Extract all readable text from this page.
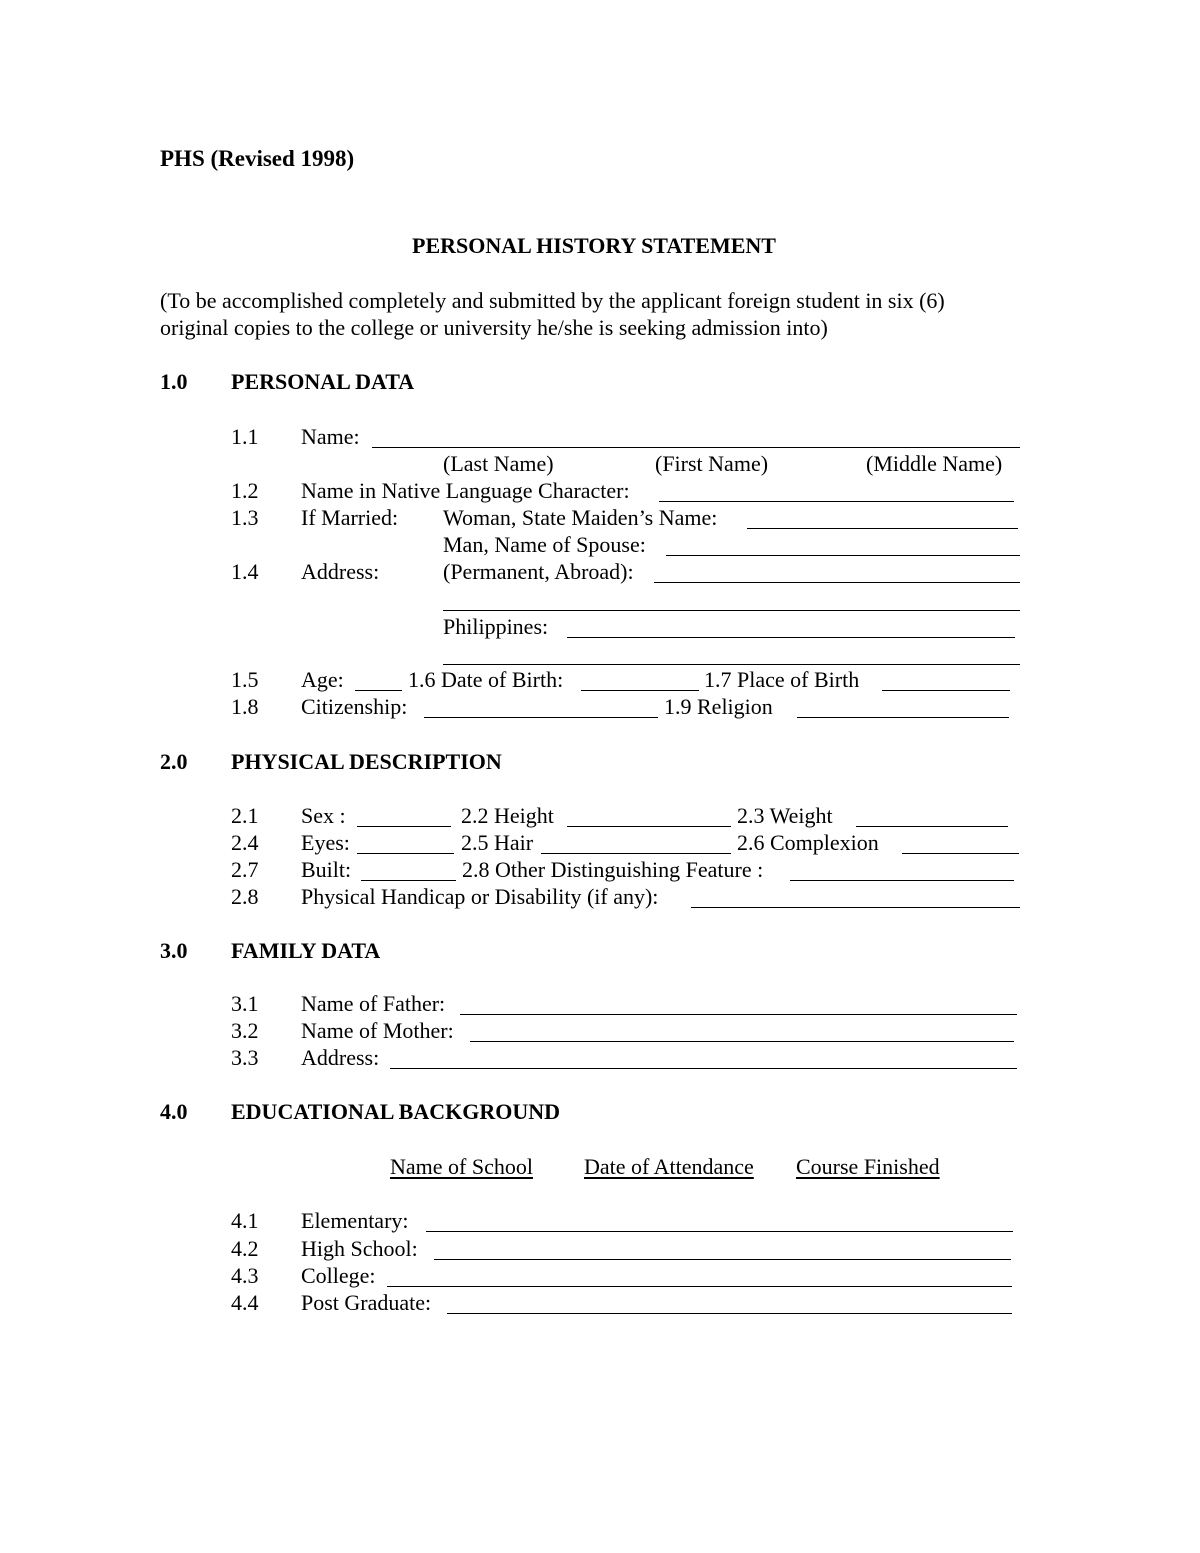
PHS (Revised 1998)
PERSONAL HISTORY STATEMENT
(To be accomplished completely and submitted by the applicant foreign student in six (6)
original copies to the college or university he/she is seeking admission into)
1.0 PERSONAL DATA
1.1 Name:
(Last Name)	(First Name)	(Middle Name)
1.2 Name in Native Language Character:
1.3 If Married: Woman, State Maiden’s Name:
Man, Name of Spouse:
1.4 Address:	(Permanent, Abroad):
Philippines:
1.5 Age:	1.6 Date of Birth:	1.7 Place of Birth
1.8 Citizenship:	1.9 Religion
2.0 PHYSICAL DESCRIPTION
2.1 Sex :	2.2 Height	2.3 Weight
2.4 Eyes:	2.5 Hair	2.6 Complexion
2.7 Built:	2.8 Other Distinguishing Feature :
2.8 Physical Handicap or Disability (if any):
3.0 FAMILY DATA
3.1 Name of Father:
3.2 Name of Mother:
3.3 Address:
4.0 EDUCATIONAL BACKGROUND
Name of School Date of Attendance Course Finished
4.1 Elementary:
4.2 High School:
4.3 College:
4.4 Post Graduate:
